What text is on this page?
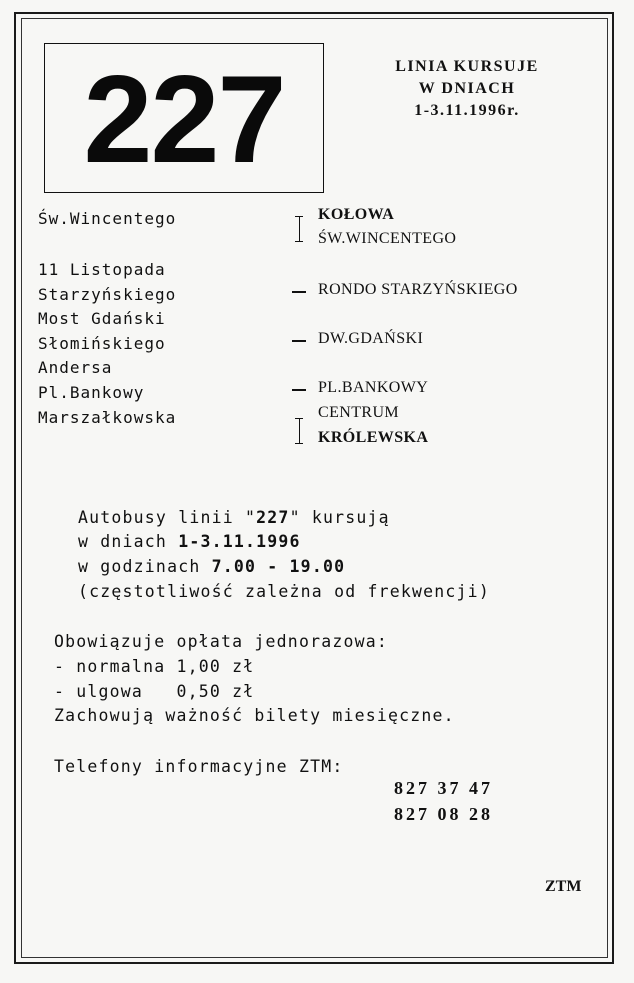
227	LINIA KURSUJE
W DNIACH
1-3.11.1996r.
Św.Wincentego
11 Listopada
Starzyńskiego
Most Gdański
Słomińskiego
Andersa
Pl.Bankowy
Marszałkowska
KOŁOWA
ŚW.WINCENTEGO
RONDO STARZYŃSKIEGO
DW.GDAŃSKI
PL.BANKOWY
CENTRUM
KRÓLEWSKA
Autobusy linii "227" kursują
w dniach 1-3.11.1996
w godzinach 7.00 - 19.00
(częstotliwość zależna od frekwencji)
Obowiązuje opłata jednorazowa:
- normalna 1,00 zł
- ulgowa   0,50 zł
Zachowują ważność bilety miesięczne.
Telefony informacyjne ZTM:
827 37 47
827 08 28
ZTM
